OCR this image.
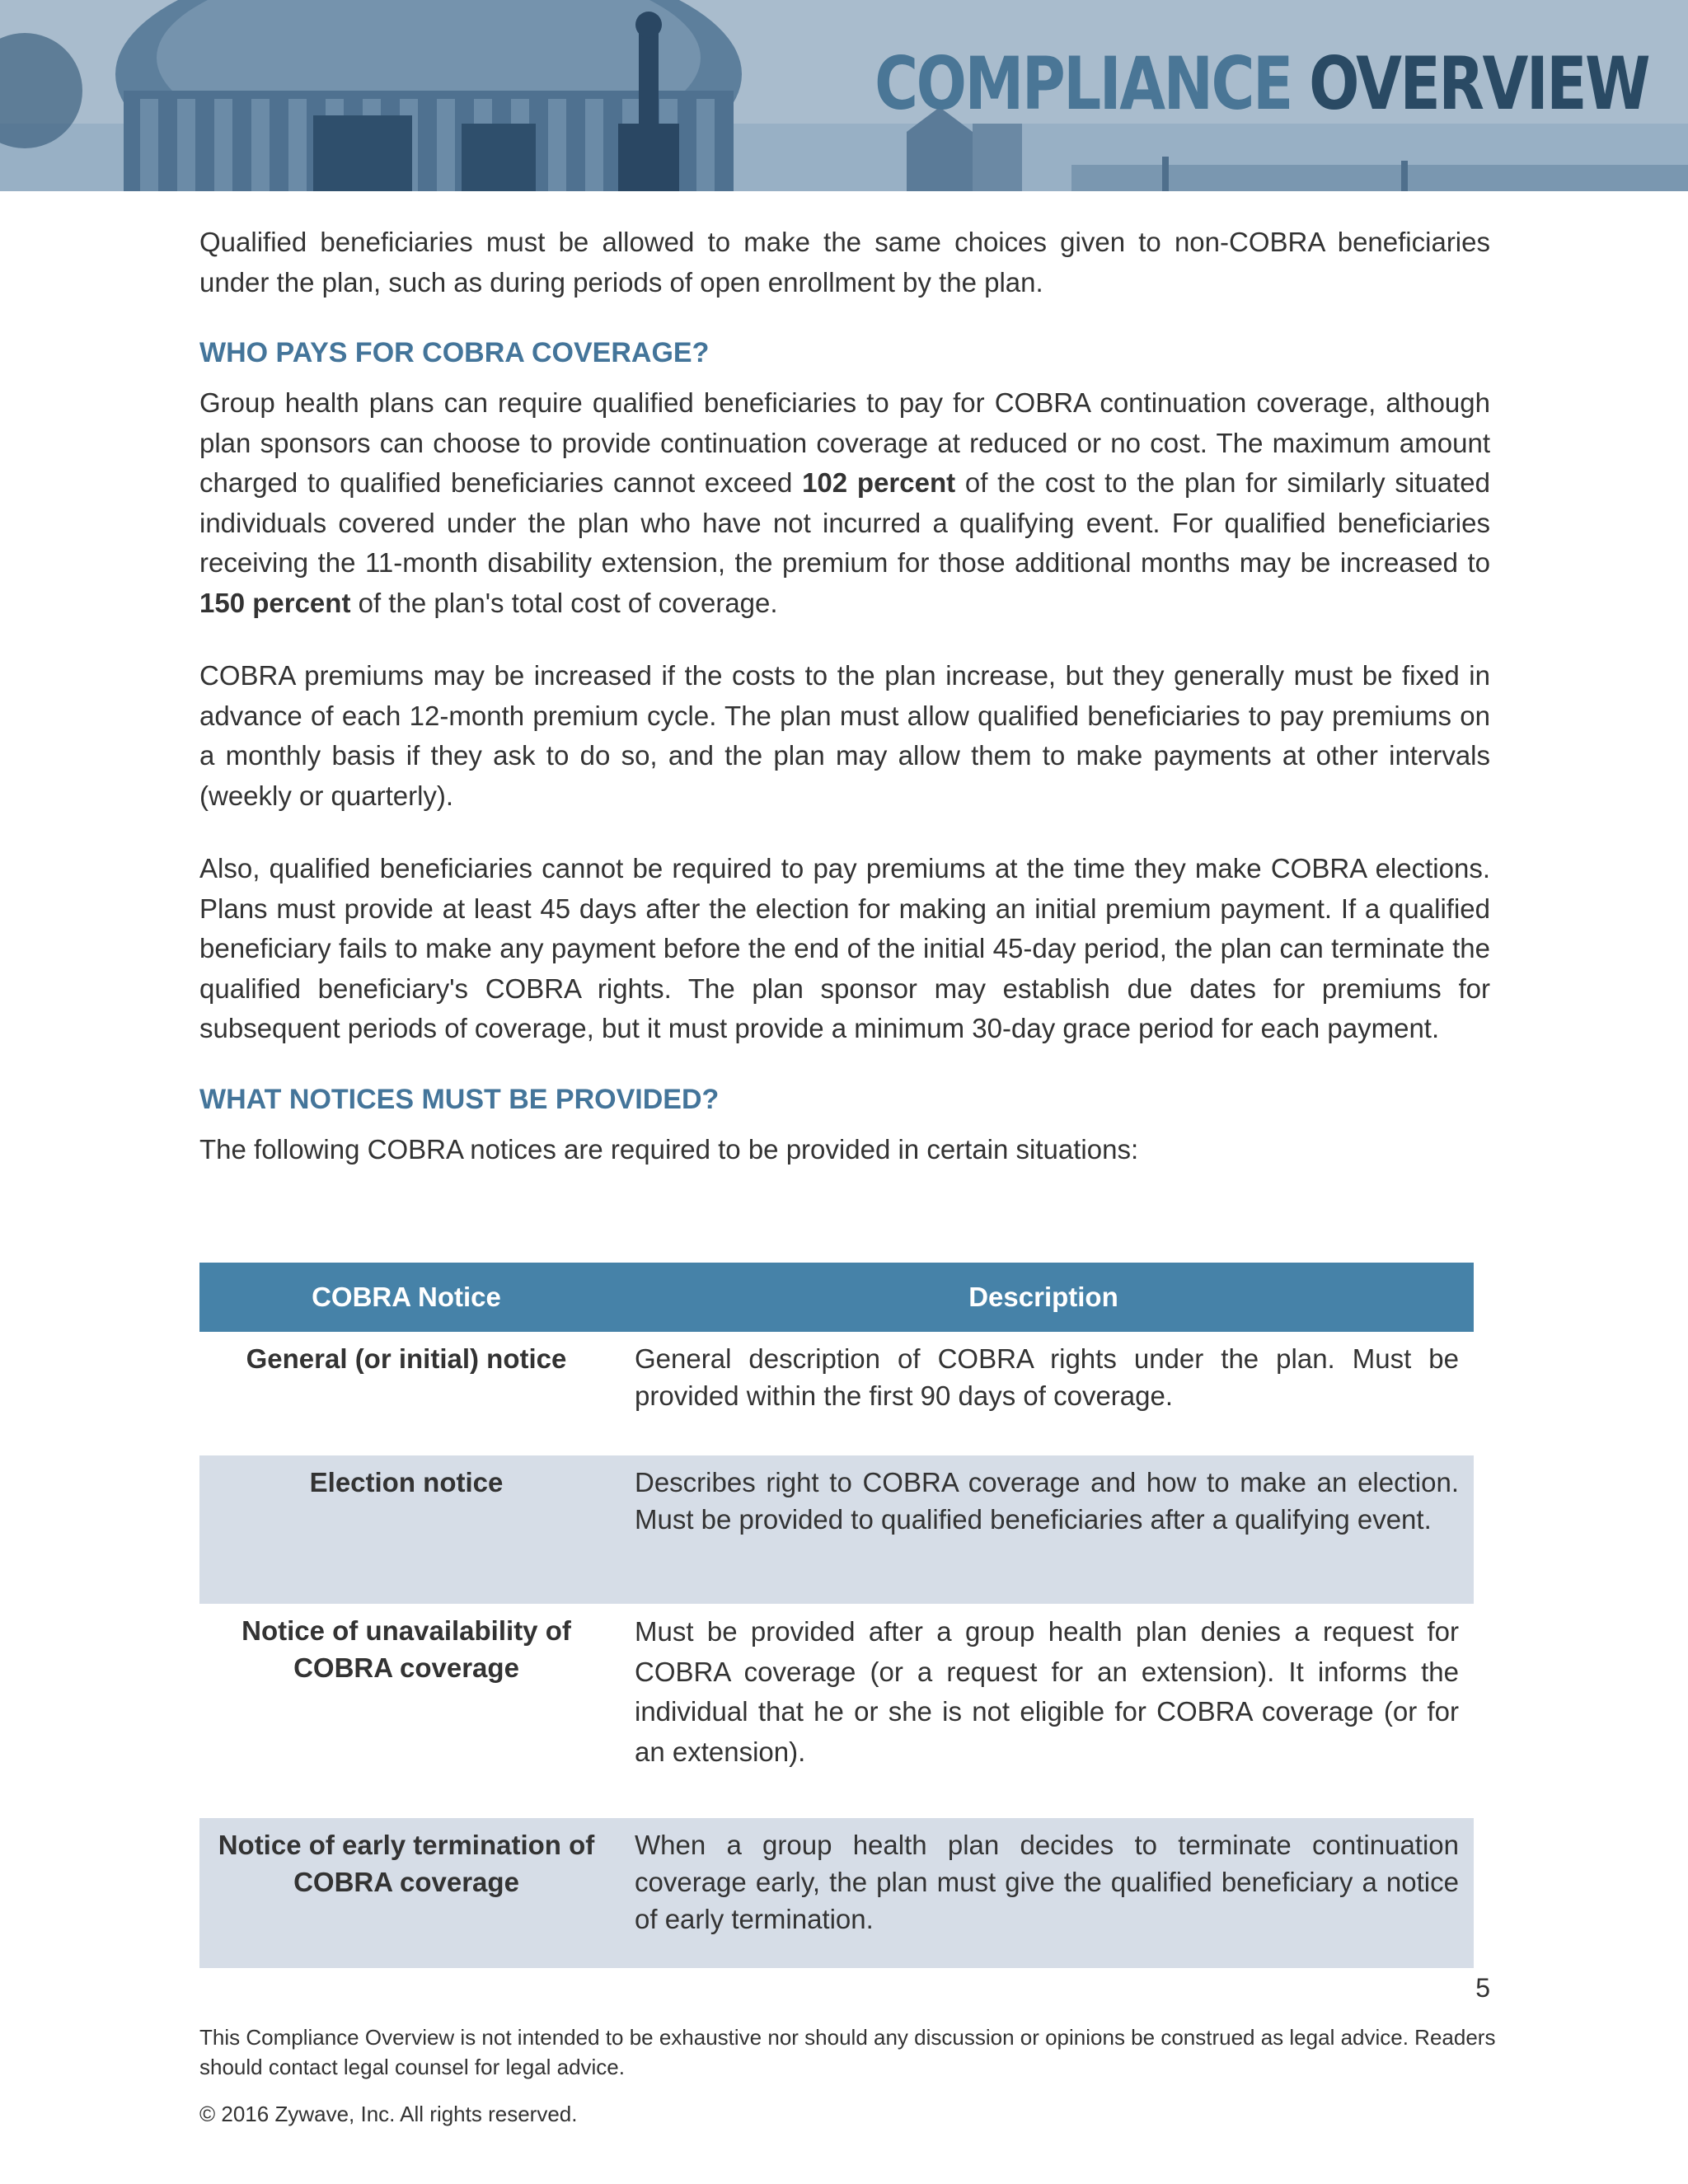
COMPLIANCE OVERVIEW

Qualified beneficiaries must be allowed to make the same choices given to non-COBRA beneficiaries under the plan, such as during periods of open enrollment by the plan.

WHO PAYS FOR COBRA COVERAGE?

Group health plans can require qualified beneficiaries to pay for COBRA continuation coverage, although plan sponsors can choose to provide continuation coverage at reduced or no cost. The maximum amount charged to qualified beneficiaries cannot exceed 102 percent of the cost to the plan for similarly situated individuals covered under the plan who have not incurred a qualifying event. For qualified beneficiaries receiving the 11-month disability extension, the premium for those additional months may be increased to 150 percent of the plan's total cost of coverage.

COBRA premiums may be increased if the costs to the plan increase, but they generally must be fixed in advance of each 12-month premium cycle. The plan must allow qualified beneficiaries to pay premiums on a monthly basis if they ask to do so, and the plan may allow them to make payments at other intervals (weekly or quarterly).

Also, qualified beneficiaries cannot be required to pay premiums at the time they make COBRA elections. Plans must provide at least 45 days after the election for making an initial premium payment. If a qualified beneficiary fails to make any payment before the end of the initial 45-day period, the plan can terminate the qualified beneficiary's COBRA rights. The plan sponsor may establish due dates for premiums for subsequent periods of coverage, but it must provide a minimum 30-day grace period for each payment.

WHAT NOTICES MUST BE PROVIDED?

The following COBRA notices are required to be provided in certain situations:

COBRA Notice	Description
General (or initial) notice	General description of COBRA rights under the plan. Must be provided within the first 90 days of coverage.
Election notice	Describes right to COBRA coverage and how to make an election. Must be provided to qualified beneficiaries after a qualifying event.
Notice of unavailability of COBRA coverage	Must be provided after a group health plan denies a request for COBRA coverage (or a request for an extension). It informs the individual that he or she is not eligible for COBRA coverage (or for an extension).
Notice of early termination of COBRA coverage	When a group health plan decides to terminate continuation coverage early, the plan must give the qualified beneficiary a notice of early termination.
5

This Compliance Overview is not intended to be exhaustive nor should any discussion or opinions be construed as legal advice. Readers should contact legal counsel for legal advice.

© 2016 Zywave, Inc. All rights reserved.
